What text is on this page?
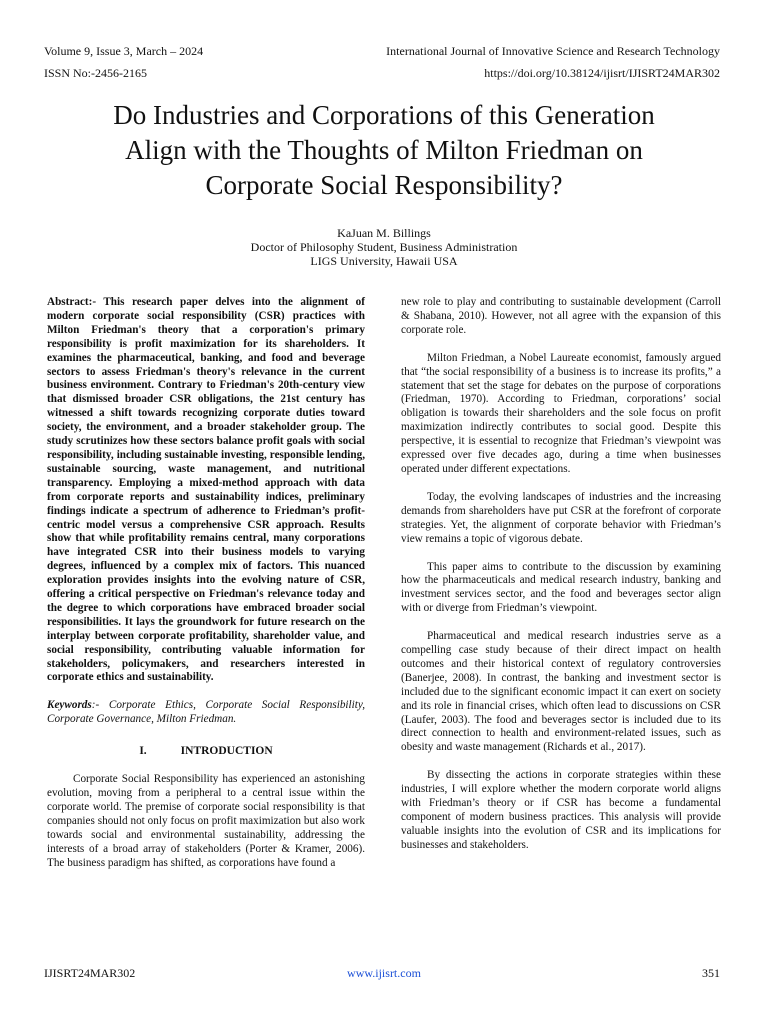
Volume 9, Issue 3, March – 2024	International Journal of Innovative Science and Research Technology
ISSN No:-2456-2165	https://doi.org/10.38124/ijisrt/IJISRT24MAR302
Do Industries and Corporations of this Generation
Align with the Thoughts of Milton Friedman on
Corporate Social Responsibility?
KaJuan M. Billings
Doctor of Philosophy Student, Business Administration
LIGS University, Hawaii USA

Abstract:- This research paper delves into the alignment of modern corporate social responsibility (CSR) practices with Milton Friedman's theory that a corporation's primary responsibility is profit maximization for its shareholders. It examines the pharmaceutical, banking, and food and beverage sectors to assess Friedman's theory's relevance in the current business environment. Contrary to Friedman's 20th-century view that dismissed broader CSR obligations, the 21st century has witnessed a shift towards recognizing corporate duties toward society, the environment, and a broader stakeholder group. The study scrutinizes how these sectors balance profit goals with social responsibility, including sustainable investing, responsible lending, sustainable sourcing, waste management, and nutritional transparency. Employing a mixed-method approach with data from corporate reports and sustainability indices, preliminary findings indicate a spectrum of adherence to Friedman’s profit-centric model versus a comprehensive CSR approach. Results show that while profitability remains central, many corporations have integrated CSR into their business models to varying degrees, influenced by a complex mix of factors. This nuanced exploration provides insights into the evolving nature of CSR, offering a critical perspective on Friedman's relevance today and the degree to which corporations have embraced broader social responsibilities. It lays the groundwork for future research on the interplay between corporate profitability, shareholder value, and social responsibility, contributing valuable information for stakeholders, policymakers, and researchers interested in corporate ethics and sustainability.

Keywords:- Corporate Ethics, Corporate Social Responsibility, Corporate Governance, Milton Friedman.

I.	INTRODUCTION

Corporate Social Responsibility has experienced an astonishing evolution, moving from a peripheral to a central issue within the corporate world. The premise of corporate social responsibility is that companies should not only focus on profit maximization but also work towards social and environmental sustainability, addressing the interests of a broad array of stakeholders (Porter & Kramer, 2006). The business paradigm has shifted, as corporations have found a

new role to play and contributing to sustainable development (Carroll & Shabana, 2010). However, not all agree with the expansion of this corporate role.

Milton Friedman, a Nobel Laureate economist, famously argued that “the social responsibility of a business is to increase its profits,” a statement that set the stage for debates on the purpose of corporations (Friedman, 1970). According to Friedman, corporations’ social obligation is towards their shareholders and the sole focus on profit maximization indirectly contributes to social good. Despite this perspective, it is essential to recognize that Friedman’s viewpoint was expressed over five decades ago, during a time when businesses operated under different expectations.

Today, the evolving landscapes of industries and the increasing demands from shareholders have put CSR at the forefront of corporate strategies. Yet, the alignment of corporate behavior with Friedman’s view remains a topic of vigorous debate.

This paper aims to contribute to the discussion by examining how the pharmaceuticals and medical research industry, banking and investment services sector, and the food and beverages sector align with or diverge from Friedman’s viewpoint.

Pharmaceutical and medical research industries serve as a compelling case study because of their direct impact on health outcomes and their historical context of regulatory controversies (Banerjee, 2008). In contrast, the banking and investment sector is included due to the significant economic impact it can exert on society and its role in financial crises, which often lead to discussions on CSR (Laufer, 2003). The food and beverages sector is included due to its direct connection to health and environment-related issues, such as obesity and waste management (Richards et al., 2017).

By dissecting the actions in corporate strategies within these industries, I will explore whether the modern corporate world aligns with Friedman’s theory or if CSR has become a fundamental component of modern business practices. This analysis will provide valuable insights into the evolution of CSR and its implications for businesses and stakeholders.

IJISRT24MAR302	www.ijisrt.com	351
